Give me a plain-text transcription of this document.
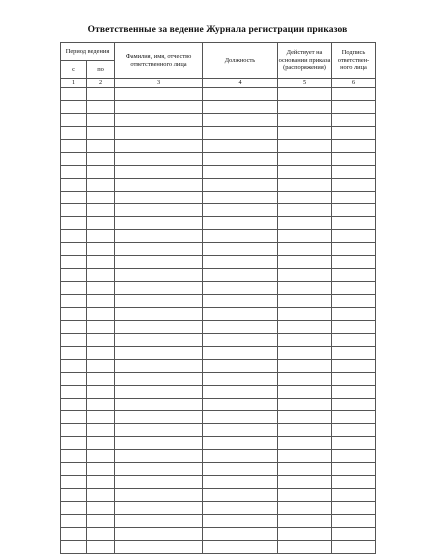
Ответственные за ведение Журнала регистрации приказов
Период ведения		Фамилия, имя, отчество ответственного лица	Должность	Действует на основании приказа (распоряжения)	Подпись ответствен-ного лица
с	по				
1	2	3	4	5	6
